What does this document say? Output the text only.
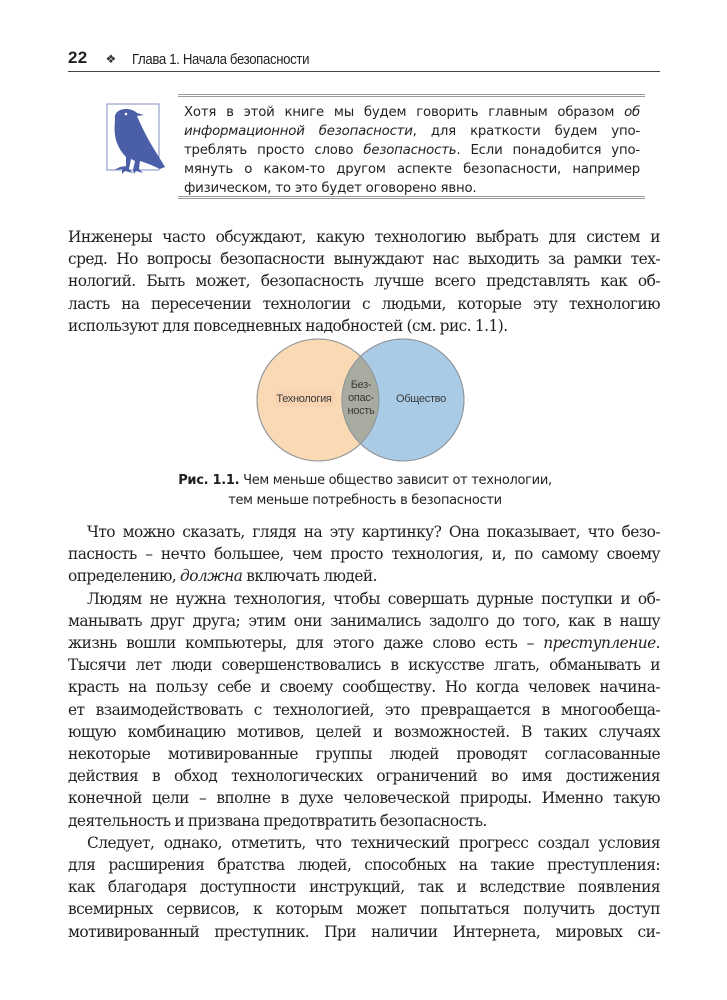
22 ❖ Глава 1. Начала безопасности
Хотя в этой книге мы будем говорить главным образом об
информационной безопасности, для краткости будем упо-
треблять просто слово безопасность. Если понадобится упо-
мянуть о каком-то другом аспекте безопасности, например
физическом, то это будет оговорено явно.
Инженеры часто обсуждают, какую технологию выбрать для систем и
сред. Но вопросы безопасности вынуждают нас выходить за рамки тех-
нологий. Быть может, безопасность лучше всего представлять как об-
ласть на пересечении технологии с людьми, которые эту технологию
используют для повседневных надобностей (см. рис. 1.1).
Технология	Общество
Без-
опас-
ность
Рис. 1.1. Чем меньше общество зависит от технологии,
тем меньше потребность в безопасности
Что можно сказать, глядя на эту картинку? Она показывает, что безо-
пасность – нечто большее, чем просто технология, и, по самому своему
определению, должна включать людей.
Людям не нужна технология, чтобы совершать дурные поступки и об-
манывать друг друга; этим они занимались задолго до того, как в нашу
жизнь вошли компьютеры, для этого даже слово есть – преступление.
Тысячи лет люди совершенствовались в искусстве лгать, обманывать и
красть на пользу себе и своему сообществу. Но когда человек начина-
ет взаимодействовать с технологией, это превращается в многообеща-
ющую комбинацию мотивов, целей и возможностей. В таких случаях
некоторые мотивированные группы людей проводят согласованные
действия в обход технологических ограничений во имя достижения
конечной цели – вполне в духе человеческой природы. Именно такую
деятельность и призвана предотвратить безопасность.
Следует, однако, отметить, что технический прогресс создал условия
для расширения братства людей, способных на такие преступления:
как благодаря доступности инструкций, так и вследствие появления
всемирных сервисов, к которым может попытаться получить доступ
мотивированный преступник. При наличии Интернета, мировых си-
